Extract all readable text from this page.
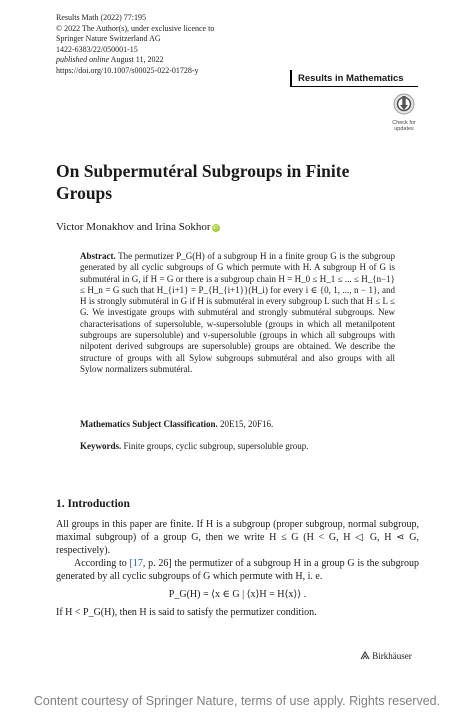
Results Math (2022) 77:195
© 2022 The Author(s), under exclusive licence to
Springer Nature Switzerland AG
1422-6383/22/050001-15
published online August 11, 2022
https://doi.org/10.1007/s00025-022-01728-y
Results in Mathematics
Check for
updates
On Subpermutéral Subgroups in Finite Groups
Victor Monakhov and Irina Sokhor iD
Abstract. The permutizer P_G(H) of a subgroup H in a finite group G is the subgroup generated by all cyclic subgroups of G which permute with H. A subgroup H of G is submutéral in G, if H = G or there is a subgroup chain H = H_0 ≤ H_1 ≤ ... ≤ H_{n−1} ≤ H_n = G such that H_{i+1} = P_{H_{i+1}}(H_i) for every i ∈ {0, 1, ..., n − 1}, and H is strongly submutéral in G if H is submutéral in every subgroup L such that H ≤ L ≤ G. We investigate groups with submutéral and strongly submutéral subgroups. New characterisations of supersoluble, w-supersoluble (groups in which all metanilpotent subgroups are supersoluble) and v-supersoluble (groups in which all subgroups with nilpotent derived subgroups are supersoluble) groups are obtained. We describe the structure of groups with all Sylow subgroups submutéral and also groups with all Sylow normalizers submutéral.
Mathematics Subject Classification. 20E15, 20F16.
Keywords. Finite groups, cyclic subgroup, supersoluble group.
1. Introduction

All groups in this paper are finite. If H is a subgroup (proper subgroup, normal subgroup, maximal subgroup) of a group G, then we write H ≤ G (H < G, H ◁ G, H ⋖ G, respectively).

According to [17, p. 26] the permutizer of a subgroup H in a group G is the subgroup generated by all cyclic subgroups of G which permute with H, i. e.

P_G(H) = ⟨x ∈ G | ⟨x⟩H = H⟨x⟩⟩ .

If H < P_G(H), then H is said to satisfy the permutizer condition.

Birkhäuser
Content courtesy of Springer Nature, terms of use apply. Rights reserved.
